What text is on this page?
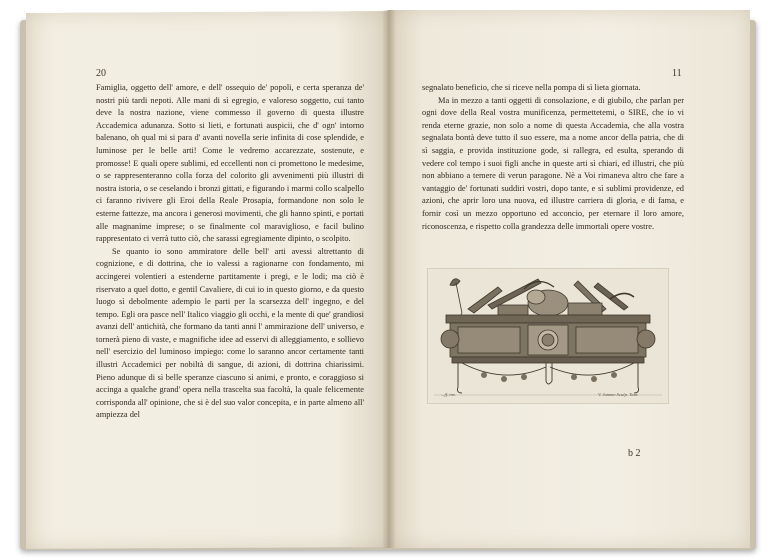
20

Famiglia, oggetto dell' amore, e dell' ossequio de' popoli, e certa speranza de' nostri più tardi nepoti. Alle mani di sì egregio, e valoreso soggetto, cui tanto deve la nostra nazione, viene commesso il governo di questa illustre Accademica adunanza. Sotto si lieti, e fortunati auspicii, che d' ogn' intorno balenano, oh qual mi si para d' avanti novella serie infinita di cose splendide, e luminose per le belle arti! Come le vedremo accarezzate, sostenute, e promosse! E quali opere sublimi, ed eccellenti non ci promettono le medesime, o se rappresenteranno colla forza del colorito gli avvenimenti più illustri di nostra istoria, o se ceselando i bronzi gittati, e figurando i marmi collo scalpello ci faranno rivivere gli Eroi della Reale Prosapia, formandone non solo le esterne fattezze, ma ancora i generosi movimenti, che gli hanno spinti, e portati alle magnanime imprese; o se finalmente col maraviglioso, e facil bulino rappresentato ci verrà tutto ciò, che sarassi egregiamente dipinto, o scolpito.

Se quanto io sono ammiratore delle bell' arti avessi altrettanto di cognizione, e di dottrina, che io valessi a ragionarne con fondamento, mi accingerei volentieri a estenderne partitamente i pregi, e le lodi; ma ciò è riservato a quel dotto, e gentil Cavaliere, di cui io in questo giorno, e da questo luogo sì debolmente adempio le parti per la scarsezza dell' ingegno, e del tempo. Egli ora pasce nell' Italico viaggio gli occhi, e la mente di que' grandiosi avanzi dell' antichità, che formano da tanti anni l' ammirazione dell' universo, e tornerà pieno di vaste, e magnifiche idee ad esservi di alleggiamento, e sollievo nell' esercizio del luminoso impiego: come lo saranno ancor certamente tanti illustri Accademici per nobiltà di sangue, di azioni, di dottrina chiarissimi. Pieno adunque di sì belle speranze ciascuno sì animi, e pronto, e coraggioso si accinga a qualche grand' opera nella trascelta sua facoltà, la quale felicemente corrisponda all' opinione, che si è del suo valor concepita, e in parte almeno all' ampiezza del

11

segnalato beneficio, che si riceve nella pompa di sì lieta giornata.

Ma in mezzo a tanti oggetti di consolazione, e di giubilo, che parlan per ogni dove della Real vostra munificenza, permettetemi, o SIRE, che io vi renda eterne grazie, non solo a nome di questa Accademia, che alla vostra segnalata bontà deve tutto il suo essere, ma a nome ancor della patria, che di sì saggia, e provida instituzione gode, si rallegra, ed esulta, sperando di vedere col tempo i suoi figli anche in queste arti sì chiari, ed illustri, che più non abbiano a temere di verun paragone. Nè a Voi rimaneva altro che fare a vantaggio de' fortunati suddiri vostri, dopo tante, e sì sublimi providenze, ed azioni, che aprir loro una nuova, ed illustre carriera di gloria, e di fama, e fornir così un mezzo opportuno ed acconcio, per eternare il loro amore, riconoscenza, e rispetto colla grandezza delle immortali opere vostre.

...ff. inv.	V. Jamme Sculp. Taur.
b 2
